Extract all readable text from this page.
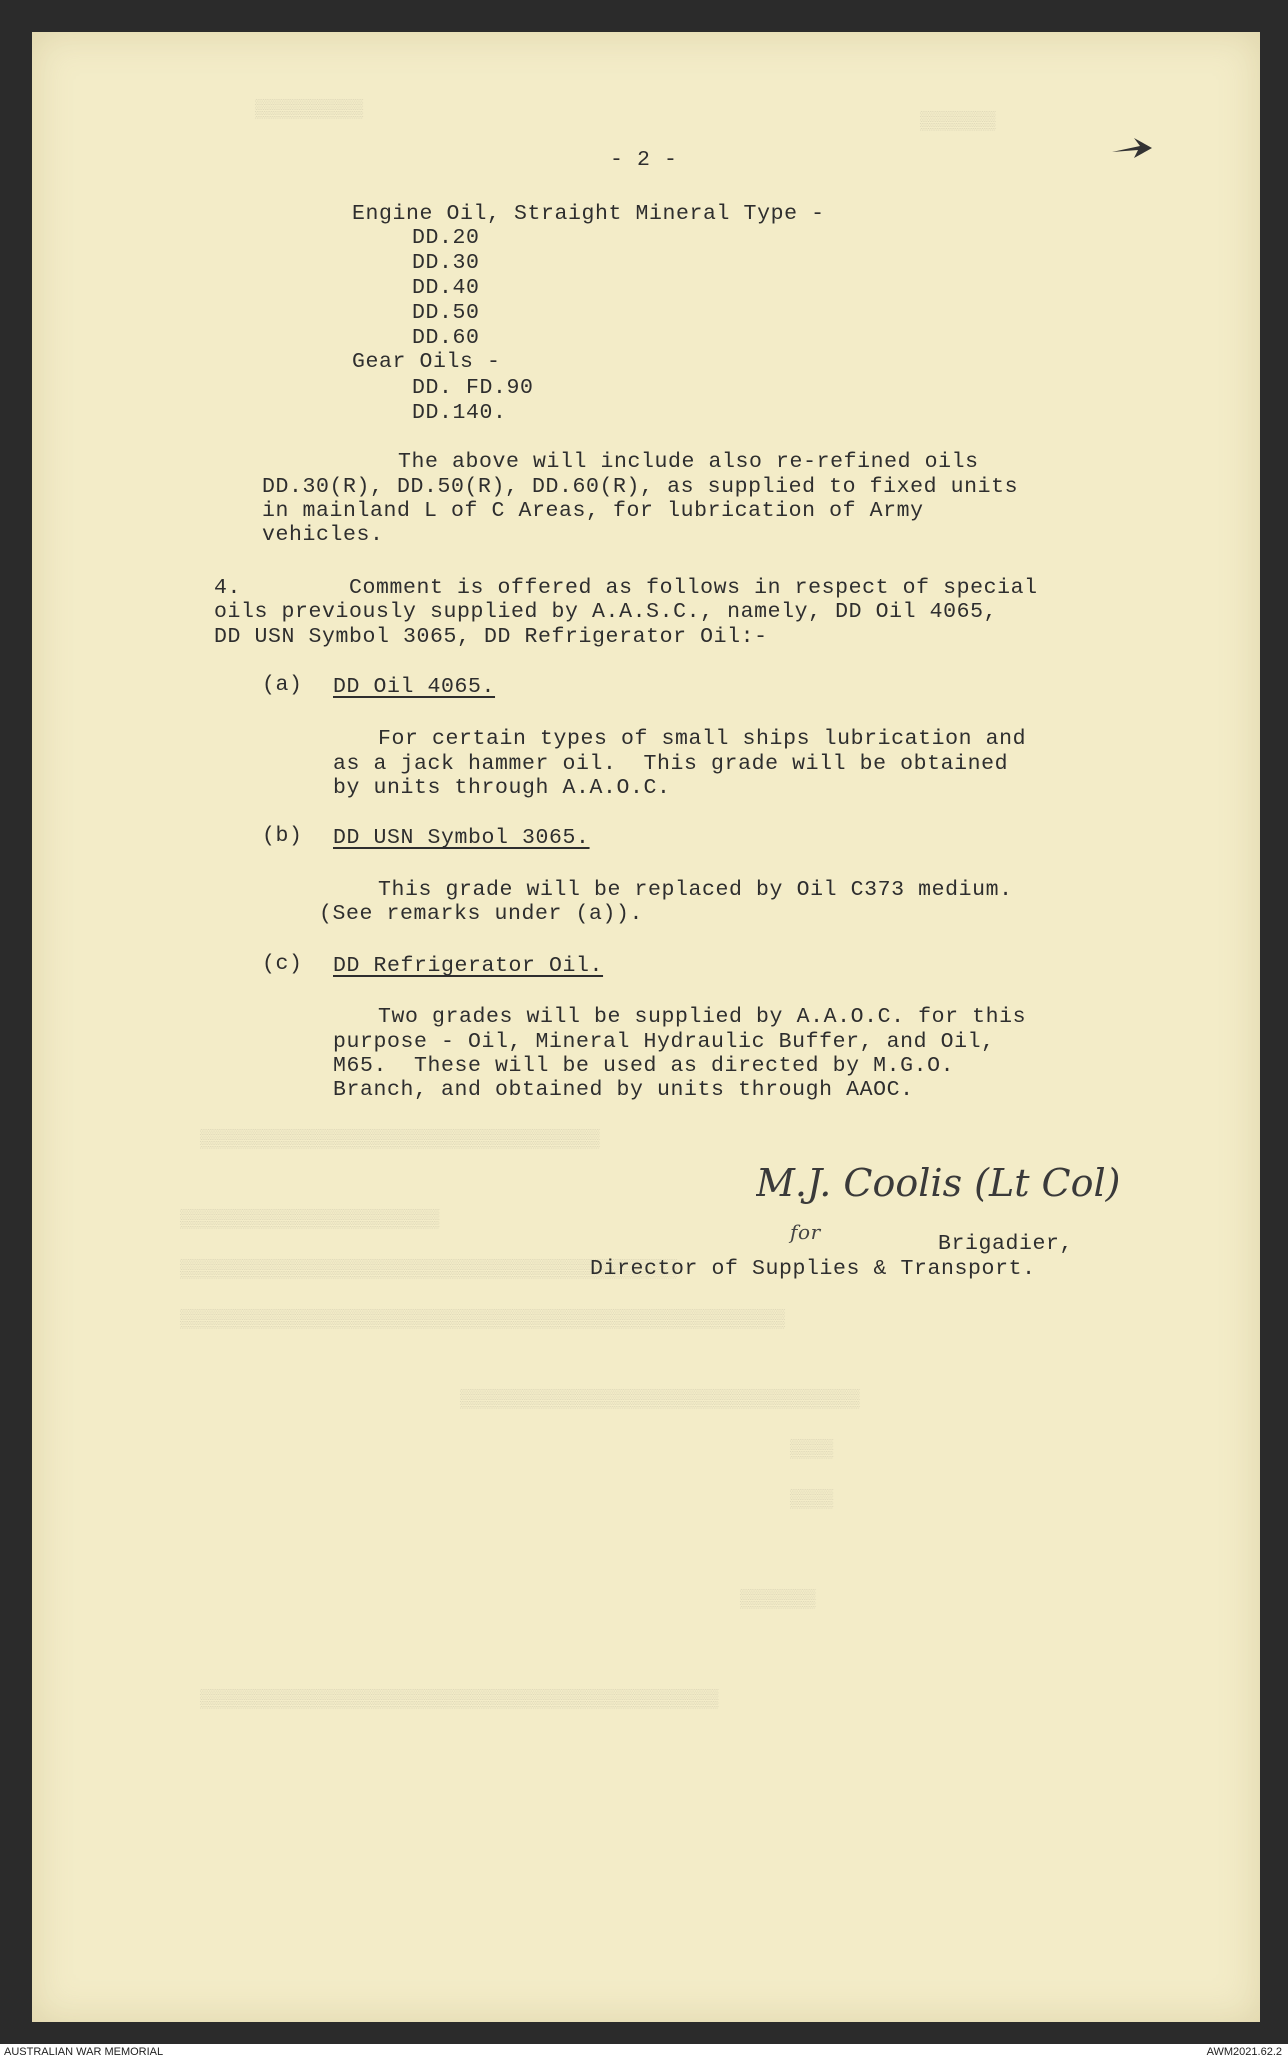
▒▒▒▒▒▒▒▒▒▒
▒▒▒▒▒▒▒
- 2 -
Engine Oil, Straight Mineral Type -
DD.20
DD.30
DD.40
DD.50
DD.60
Gear Oils -
DD. FD.90
DD.140.
The above will include also re-refined oils
DD.30(R), DD.50(R), DD.60(R), as supplied to fixed units
in mainland L of C Areas, for lubrication of Army
vehicles.
4.        Comment is offered as follows in respect of special
oils previously supplied by A.A.S.C., namely, DD Oil 4065,
DD USN Symbol 3065, DD Refrigerator Oil:-
(a) DD Oil 4065.
For certain types of small ships lubrication and
as a jack hammer oil.  This grade will be obtained
by units through A.A.O.C.
(b) DD USN Symbol 3065.
This grade will be replaced by Oil C373 medium.
(See remarks under (a)).
(c) DD Refrigerator Oil.
Two grades will be supplied by A.A.O.C. for this
purpose - Oil, Mineral Hydraulic Buffer, and Oil,
M65.  These will be used as directed by M.G.O.
Branch, and obtained by units through AAOC.
▒▒▒▒▒▒▒▒▒▒▒▒▒▒▒▒▒▒▒▒▒▒▒▒▒▒▒▒▒▒▒▒▒▒▒▒▒
▒▒▒▒▒▒▒▒▒▒▒▒▒▒▒▒▒▒▒▒▒▒▒▒
▒▒▒▒▒▒▒▒▒▒▒▒▒▒▒▒▒▒▒▒▒▒▒▒▒▒▒▒▒▒▒▒▒▒▒▒▒▒▒▒▒▒▒▒▒▒
▒▒▒▒▒▒▒▒▒▒▒▒▒▒▒▒▒▒▒▒▒▒▒▒▒▒▒▒▒▒▒▒▒▒▒▒▒▒▒▒▒▒▒▒▒▒▒▒▒▒▒▒▒▒▒▒
▒▒▒▒▒▒▒▒▒▒▒▒▒▒▒▒▒▒▒▒▒▒▒▒▒▒▒▒▒▒▒▒▒▒▒▒▒
▒▒▒▒
▒▒▒▒
▒▒▒▒▒▒▒
▒▒▒▒▒▒▒▒▒▒▒▒▒▒▒▒▒▒▒▒▒▒▒▒▒▒▒▒▒▒▒▒▒▒▒▒▒▒▒▒▒▒▒▒▒▒▒▒
M.J. Coolis (Lt Col)
for	Brigadier,
Director of Supplies & Transport.
AUSTRALIAN WAR MEMORIAL	AWM2021.62.2
